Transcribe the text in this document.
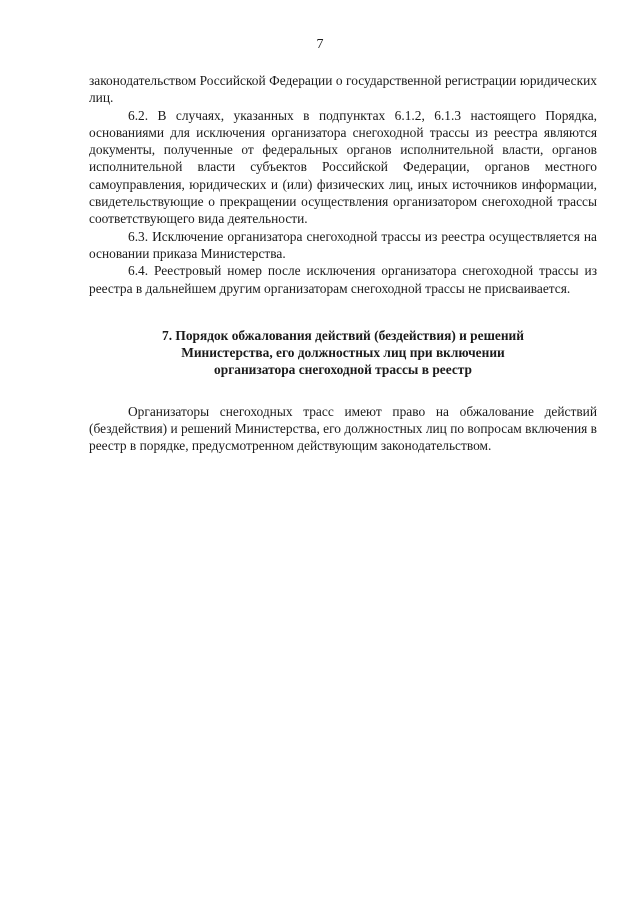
7

законодательством Российской Федерации о государственной регистрации юридических лиц.

6.2. В случаях, указанных в подпунктах 6.1.2, 6.1.3 настоящего Порядка, основаниями для исключения организатора снегоходной трассы из реестра являются документы, полученные от федеральных органов исполнительной власти, органов исполнительной власти субъектов Российской Федерации, органов местного самоуправления, юридических и (или) физических лиц, иных источников информации, свидетельствующие о прекращении осуществления организатором снегоходной трассы соответствующего вида деятельности.

6.3. Исключение организатора снегоходной трассы из реестра осуществляется на основании приказа Министерства.

6.4. Реестровый номер после исключения организатора снегоходной трассы из реестра в дальнейшем другим организаторам снегоходной трассы не присваивается.

7. Порядок обжалования действий (бездействия) и решений
Министерства, его должностных лиц при включении
организатора снегоходной трассы в реестр

Организаторы снегоходных трасс имеют право на обжалование действий (бездействия) и решений Министерства, его должностных лиц по вопросам включения в реестр в порядке, предусмотренном действующим законодательством.
